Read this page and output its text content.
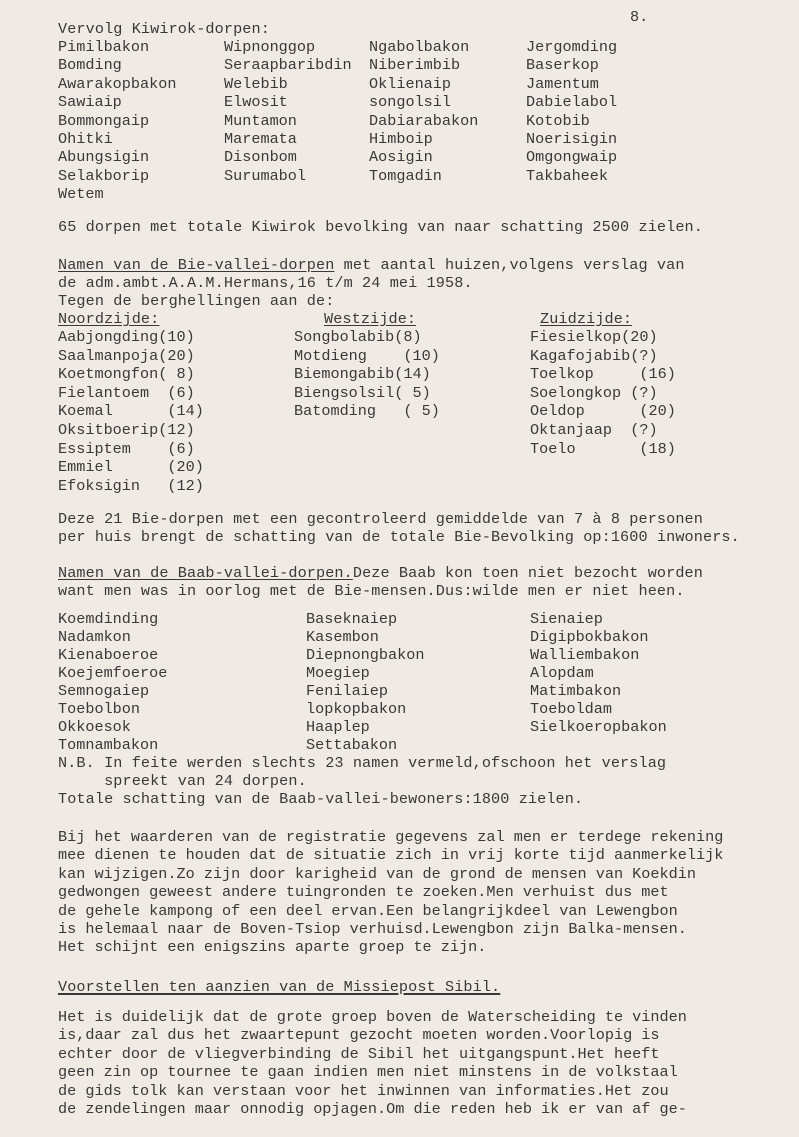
8.
Vervolg Kiwirok-dorpen:
Pimilbakon
Bomding
Awarakopbakon
Sawiaip
Bommongaip
Ohitki
Abungsigin
Selakborip
Wetem
Wipnonggop
Seraapbaribdin
Welebib
Elwosit
Muntamon
Maremata
Disonbom
Surumabol
Ngabolbakon
Niberimbib
Oklienaip
songolsil
Dabiarabakon
Himboip
Aosigin
Tomgadin
Jergomding
Baserkop
Jamentum
Dabielabol
Kotobib
Noerisigin
Omgongwaip
Takbaheek
65 dorpen met totale Kiwirok bevolking van naar schatting 2500 zielen.
Namen van de Bie-vallei-dorpen met aantal huizen,volgens verslag van
de adm.ambt.A.A.M.Hermans,16 t/m 24 mei 1958.
Tegen de berghellingen aan de:
Noordzijde:	Westzijde:	Zuidzijde:
Aabjongding(10)
Saalmanpoja(20)
Koetmongfon( 8)
Fielantoem  (6)
Koemal      (14)
Oksitboerip(12)
Essiptem    (6)
Emmiel      (20)
Efoksigin   (12)
Songbolabib(8)
Motdieng    (10)
Biemongabib(14)
Biengsolsil( 5)
Batomding   ( 5)
Fiesielkop(20)
Kagafojabib(?)
Toelkop     (16)
Soelongkop (?)
Oeldop      (20)
Oktanjaap  (?)
Toelo       (18)
Deze 21 Bie-dorpen met een gecontroleerd gemiddelde van 7 à 8 personen
per huis brengt de schatting van de totale Bie-Bevolking op:1600 inwoners.
Namen van de Baab-vallei-dorpen.Deze Baab kon toen niet bezocht worden
want men was in oorlog met de Bie-mensen.Dus:wilde men er niet heen.
Koemdinding
Nadamkon
Kienaboeroe
Koejemfoeroe
Semnogaiep
Toebolbon
Okkoesok
Tomnambakon
Baseknaiep
Kasembon
Diepnongbakon
Moegiep
Fenilaiep
lopkopbakon
Haaplep
Settabakon
Sienaiep
Digipbokbakon
Walliembakon
Alopdam
Matimbakon
Toeboldam
Sielkoeropbakon
N.B. In feite werden slechts 23 namen vermeld,ofschoon het verslag
spreekt van 24 dorpen.
Totale schatting van de Baab-vallei-bewoners:1800 zielen.
Bij het waarderen van de registratie gegevens zal men er terdege rekening
mee dienen te houden dat de situatie zich in vrij korte tijd aanmerkelijk
kan wijzigen.Zo zijn door karigheid van de grond de mensen van Koekdin
gedwongen geweest andere tuingronden te zoeken.Men verhuist dus met
de gehele kampong of een deel ervan.Een belangrijkdeel van Lewengbon
is helemaal naar de Boven-Tsiop verhuisd.Lewengbon zijn Balka-mensen.
Het schijnt een enigszins aparte groep te zijn.
Voorstellen ten aanzien van de Missiepost Sibil.
Het is duidelijk dat de grote groep boven de Waterscheiding te vinden
is,daar zal dus het zwaartepunt gezocht moeten worden.Voorlopig is
echter door de vliegverbinding de Sibil het uitgangspunt.Het heeft
geen zin op tournee te gaan indien men niet minstens in de volkstaal
de gids tolk kan verstaan voor het inwinnen van informaties.Het zou
de zendelingen maar onnodig opjagen.Om die reden heb ik er van af ge-
